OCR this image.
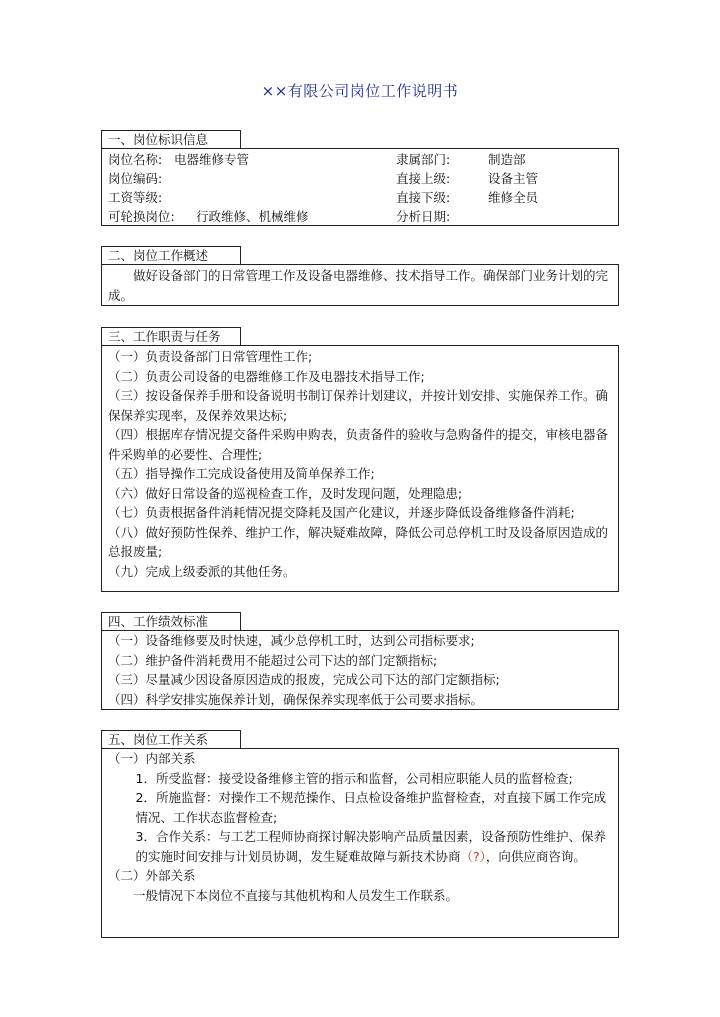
××有限公司岗位工作说明书
一、岗位标识信息
岗位名称: 电器维修专管	隶属部门:	制造部
岗位编码:	直接上级:	设备主管
工资等级:	直接下级:	维修全员
可轮换岗位:	行政维修、机械维修	分析日期:
二、岗位工作概述

做好设备部门的日常管理工作及设备电器维修、技术指导工作。确保部门业务计划的完成。

三、工作职责与任务

（一）负责设备部门日常管理性工作;

（二）负责公司设备的电器维修工作及电器技术指导工作;

（三）按设备保养手册和设备说明书制订保养计划建议，并按计划安排、实施保养工作。确保保养实现率，及保养效果达标;

（四）根据库存情况提交备件采购申购表，负责备件的验收与急购备件的提交，审核电器备件采购单的必要性、合理性;

（五）指导操作工完成设备使用及简单保养工作;

（六）做好日常设备的巡视检查工作，及时发现问题，处理隐患;

（七）负责根据备件消耗情况提交降耗及国产化建议，并逐步降低设备维修备件消耗;

（八）做好预防性保养、维护工作，解决疑难故障，降低公司总停机工时及设备原因造成的总报废量;

（九）完成上级委派的其他任务。

四、工作绩效标准

（一）设备维修要及时快速，减少总停机工时，达到公司指标要求;

（二）维护备件消耗费用不能超过公司下达的部门定额指标;

（三）尽量减少因设备原因造成的报废，完成公司下达的部门定额指标;

（四）科学安排实施保养计划，确保保养实现率低于公司要求指标。

五、岗位工作关系

（一）内部关系

1．所受监督：接受设备维修主管的指示和监督，公司相应职能人员的监督检查;

2．所施监督：对操作工不规范操作、日点检设备维护监督检查，对直接下属工作完成情况、工作状态监督检查;

3．合作关系：与工艺工程师协商探讨解决影响产品质量因素，设备预防性维护、保养的实施时间安排与计划员协调，发生疑难故障与新技术协商（?），向供应商咨询。

（二）外部关系

一般情况下本岗位不直接与其他机构和人员发生工作联系。
